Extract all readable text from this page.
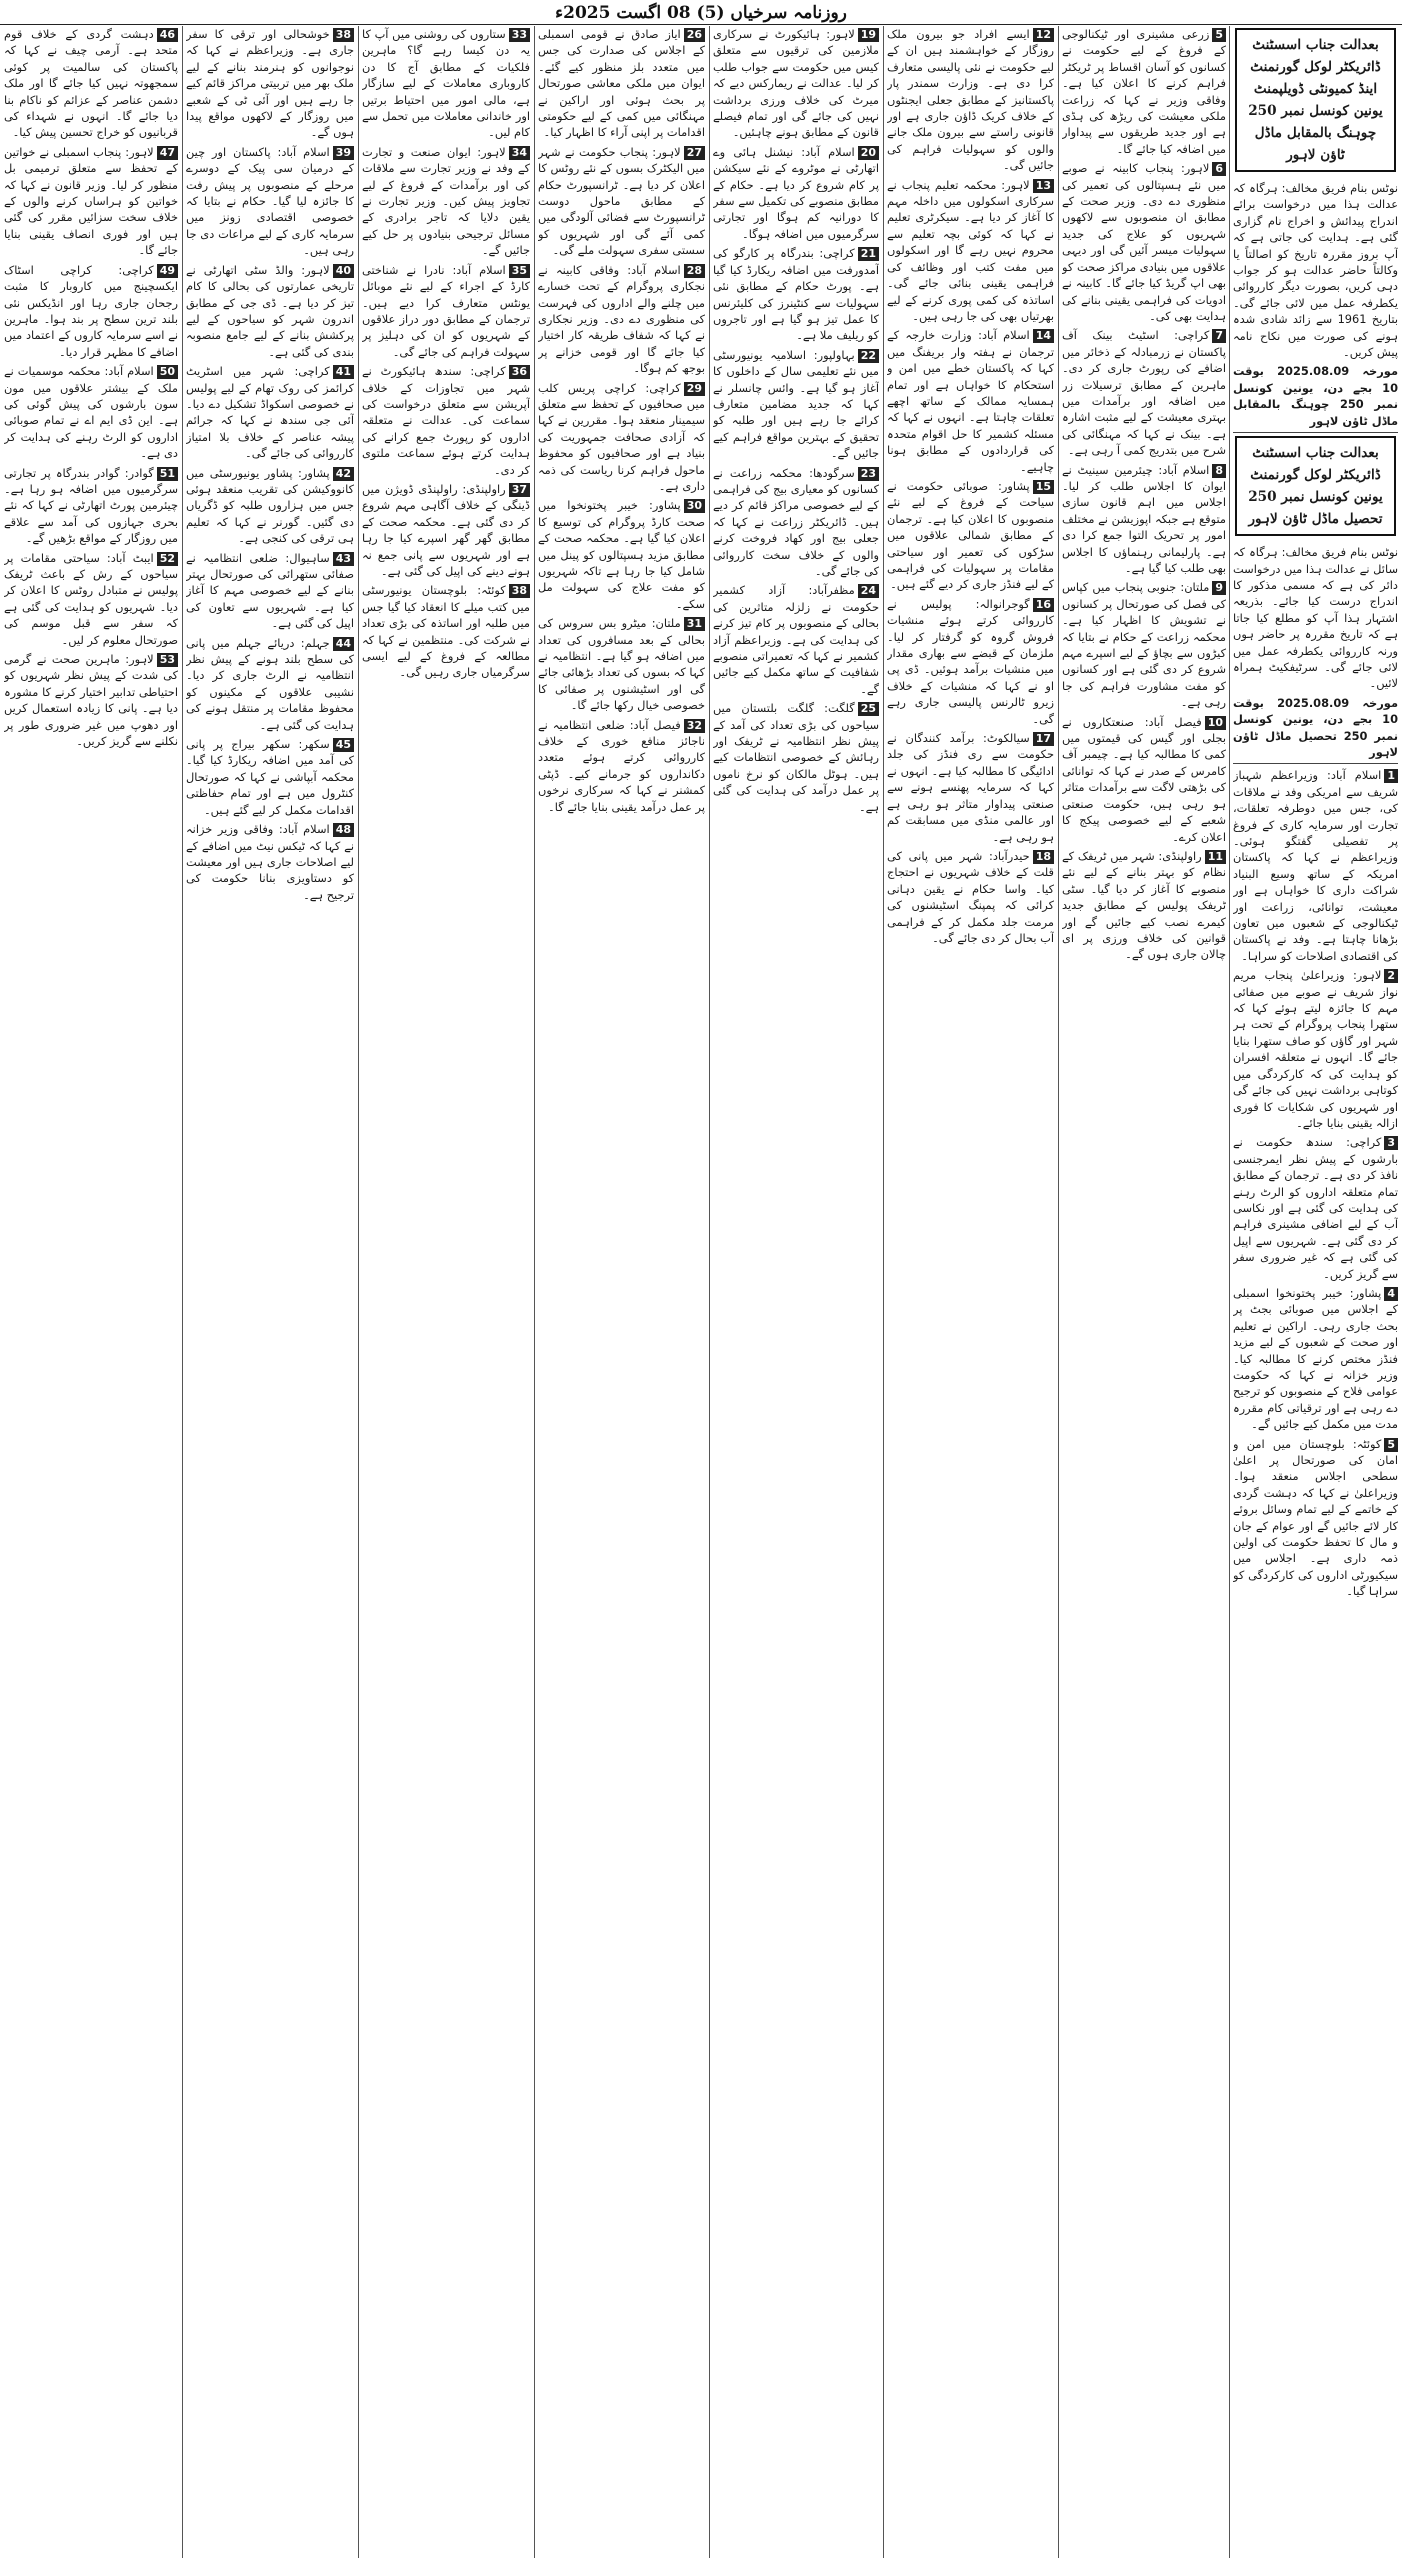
روزنامہ سرخیاں (5) 08 اگست 2025ء
بعدالت جناب اسسٹنٹ ڈائریکٹر لوکل گورنمنٹ اینڈ کمیونٹی ڈویلپمنٹ یونین کونسل نمبر 250 چوہنگ بالمقابل ماڈل ٹاؤن لاہور
نوٹس بنام فریق مخالف: ہرگاہ کہ عدالت ہذا میں درخواست برائے اندراج پیدائش و اخراج نام گزاری گئی ہے۔ ہدایت کی جاتی ہے کہ آپ بروز مقررہ تاریخ کو اصالتاً یا وکالتاً حاضر عدالت ہو کر جواب دہی کریں، بصورت دیگر کارروائی یکطرفہ عمل میں لائی جائے گی۔ بتاریخ 1961 سے زائد شادی شدہ ہونے کی صورت میں نکاح نامہ پیش کریں۔
مورخہ 2025.08.09 بوقت 10 بجے دن، یونین کونسل نمبر 250 چوہنگ بالمقابل ماڈل ٹاؤن لاہور
بعدالت جناب اسسٹنٹ ڈائریکٹر لوکل گورنمنٹ یونین کونسل نمبر 250 تحصیل ماڈل ٹاؤن لاہور
نوٹس بنام فریق مخالف: ہرگاہ کہ سائل نے عدالت ہذا میں درخواست دائر کی ہے کہ مسمی مذکور کا اندراج درست کیا جائے۔ بذریعہ اشتہار ہذا آپ کو مطلع کیا جاتا ہے کہ تاریخ مقررہ پر حاضر ہوں ورنہ کارروائی یکطرفہ عمل میں لائی جائے گی۔ سرٹیفکیٹ ہمراہ لائیں۔
مورخہ 2025.08.09 بوقت 10 بجے دن، یونین کونسل نمبر 250 تحصیل ماڈل ٹاؤن لاہور
1اسلام آباد: وزیراعظم شہباز شریف سے امریکی وفد نے ملاقات کی، جس میں دوطرفہ تعلقات، تجارت اور سرمایہ کاری کے فروغ پر تفصیلی گفتگو ہوئی۔ وزیراعظم نے کہا کہ پاکستان امریکہ کے ساتھ وسیع البنیاد شراکت داری کا خواہاں ہے اور معیشت، توانائی، زراعت اور ٹیکنالوجی کے شعبوں میں تعاون بڑھانا چاہتا ہے۔ وفد نے پاکستان کی اقتصادی اصلاحات کو سراہا۔
2لاہور: وزیراعلیٰ پنجاب مریم نواز شریف نے صوبے میں صفائی مہم کا جائزہ لیتے ہوئے کہا کہ ستھرا پنجاب پروگرام کے تحت ہر شہر اور گاؤں کو صاف ستھرا بنایا جائے گا۔ انہوں نے متعلقہ افسران کو ہدایت کی کہ کارکردگی میں کوتاہی برداشت نہیں کی جائے گی اور شہریوں کی شکایات کا فوری ازالہ یقینی بنایا جائے۔
3کراچی: سندھ حکومت نے بارشوں کے پیش نظر ایمرجنسی نافذ کر دی ہے۔ ترجمان کے مطابق تمام متعلقہ اداروں کو الرٹ رہنے کی ہدایت کی گئی ہے اور نکاسی آب کے لیے اضافی مشینری فراہم کر دی گئی ہے۔ شہریوں سے اپیل کی گئی ہے کہ غیر ضروری سفر سے گریز کریں۔
4پشاور: خیبر پختونخوا اسمبلی کے اجلاس میں صوبائی بجٹ پر بحث جاری رہی۔ اراکین نے تعلیم اور صحت کے شعبوں کے لیے مزید فنڈز مختص کرنے کا مطالبہ کیا۔ وزیر خزانہ نے کہا کہ حکومت عوامی فلاح کے منصوبوں کو ترجیح دے رہی ہے اور ترقیاتی کام مقررہ مدت میں مکمل کیے جائیں گے۔
5کوئٹہ: بلوچستان میں امن و امان کی صورتحال پر اعلیٰ سطحی اجلاس منعقد ہوا۔ وزیراعلیٰ نے کہا کہ دہشت گردی کے خاتمے کے لیے تمام وسائل بروئے کار لائے جائیں گے اور عوام کے جان و مال کا تحفظ حکومت کی اولین ذمہ داری ہے۔ اجلاس میں سیکیورٹی اداروں کی کارکردگی کو سراہا گیا۔
5زرعی مشینری اور ٹیکنالوجی کے فروغ کے لیے حکومت نے کسانوں کو آسان اقساط پر ٹریکٹر فراہم کرنے کا اعلان کیا ہے۔ وفاقی وزیر نے کہا کہ زراعت ملکی معیشت کی ریڑھ کی ہڈی ہے اور جدید طریقوں سے پیداوار میں اضافہ کیا جائے گا۔
6لاہور: پنجاب کابینہ نے صوبے میں نئے ہسپتالوں کی تعمیر کی منظوری دے دی۔ وزیر صحت کے مطابق ان منصوبوں سے لاکھوں شہریوں کو علاج کی جدید سہولیات میسر آئیں گی اور دیہی علاقوں میں بنیادی مراکز صحت کو بھی اپ گریڈ کیا جائے گا۔ کابینہ نے ادویات کی فراہمی یقینی بنانے کی ہدایت بھی کی۔
7کراچی: اسٹیٹ بینک آف پاکستان نے زرمبادلہ کے ذخائر میں اضافے کی رپورٹ جاری کر دی۔ ماہرین کے مطابق ترسیلات زر میں اضافہ اور برآمدات میں بہتری معیشت کے لیے مثبت اشارہ ہے۔ بینک نے کہا کہ مہنگائی کی شرح میں بتدریج کمی آ رہی ہے۔
8اسلام آباد: چیئرمین سینیٹ نے ایوان کا اجلاس طلب کر لیا۔ اجلاس میں اہم قانون سازی متوقع ہے جبکہ اپوزیشن نے مختلف امور پر تحریک التوا جمع کرا دی ہے۔ پارلیمانی رہنماؤں کا اجلاس بھی طلب کیا گیا ہے۔
9ملتان: جنوبی پنجاب میں کپاس کی فصل کی صورتحال پر کسانوں نے تشویش کا اظہار کیا ہے۔ محکمہ زراعت کے حکام نے بتایا کہ کیڑوں سے بچاؤ کے لیے اسپرے مہم شروع کر دی گئی ہے اور کسانوں کو مفت مشاورت فراہم کی جا رہی ہے۔
10فیصل آباد: صنعتکاروں نے بجلی اور گیس کی قیمتوں میں کمی کا مطالبہ کیا ہے۔ چیمبر آف کامرس کے صدر نے کہا کہ توانائی کی بڑھتی لاگت سے برآمدات متاثر ہو رہی ہیں، حکومت صنعتی شعبے کے لیے خصوصی پیکج کا اعلان کرے۔
11راولپنڈی: شہر میں ٹریفک کے نظام کو بہتر بنانے کے لیے نئے منصوبے کا آغاز کر دیا گیا۔ سٹی ٹریفک پولیس کے مطابق جدید کیمرے نصب کیے جائیں گے اور قوانین کی خلاف ورزی پر ای چالان جاری ہوں گے۔
12ایسے افراد جو بیرون ملک روزگار کے خواہشمند ہیں ان کے لیے حکومت نے نئی پالیسی متعارف کرا دی ہے۔ وزارت سمندر پار پاکستانیز کے مطابق جعلی ایجنٹوں کے خلاف کریک ڈاؤن جاری ہے اور قانونی راستے سے بیرون ملک جانے والوں کو سہولیات فراہم کی جائیں گی۔
13لاہور: محکمہ تعلیم پنجاب نے سرکاری اسکولوں میں داخلہ مہم کا آغاز کر دیا ہے۔ سیکرٹری تعلیم نے کہا کہ کوئی بچہ تعلیم سے محروم نہیں رہے گا اور اسکولوں میں مفت کتب اور وظائف کی فراہمی یقینی بنائی جائے گی۔ اساتذہ کی کمی پوری کرنے کے لیے بھرتیاں بھی کی جا رہی ہیں۔
14اسلام آباد: وزارت خارجہ کے ترجمان نے ہفتہ وار بریفنگ میں کہا کہ پاکستان خطے میں امن و استحکام کا خواہاں ہے اور تمام ہمسایہ ممالک کے ساتھ اچھے تعلقات چاہتا ہے۔ انہوں نے کہا کہ مسئلہ کشمیر کا حل اقوام متحدہ کی قراردادوں کے مطابق ہونا چاہیے۔
15پشاور: صوبائی حکومت نے سیاحت کے فروغ کے لیے نئے منصوبوں کا اعلان کیا ہے۔ ترجمان کے مطابق شمالی علاقوں میں سڑکوں کی تعمیر اور سیاحتی مقامات پر سہولیات کی فراہمی کے لیے فنڈز جاری کر دیے گئے ہیں۔
16گوجرانوالہ: پولیس نے کارروائی کرتے ہوئے منشیات فروش گروہ کو گرفتار کر لیا۔ ملزمان کے قبضے سے بھاری مقدار میں منشیات برآمد ہوئیں۔ ڈی پی او نے کہا کہ منشیات کے خلاف زیرو ٹالرنس پالیسی جاری رہے گی۔
17سیالکوٹ: برآمد کنندگان نے حکومت سے ری فنڈز کی جلد ادائیگی کا مطالبہ کیا ہے۔ انہوں نے کہا کہ سرمایہ پھنسے ہونے سے صنعتی پیداوار متاثر ہو رہی ہے اور عالمی منڈی میں مسابقت کم ہو رہی ہے۔
18حیدرآباد: شہر میں پانی کی قلت کے خلاف شہریوں نے احتجاج کیا۔ واسا حکام نے یقین دہانی کرائی کہ پمپنگ اسٹیشنوں کی مرمت جلد مکمل کر کے فراہمی آب بحال کر دی جائے گی۔
19لاہور: ہائیکورٹ نے سرکاری ملازمین کی ترقیوں سے متعلق کیس میں حکومت سے جواب طلب کر لیا۔ عدالت نے ریمارکس دیے کہ میرٹ کی خلاف ورزی برداشت نہیں کی جائے گی اور تمام فیصلے قانون کے مطابق ہونے چاہئیں۔
20اسلام آباد: نیشنل ہائی وے اتھارٹی نے موٹروے کے نئے سیکشن پر کام شروع کر دیا ہے۔ حکام کے مطابق منصوبے کی تکمیل سے سفر کا دورانیہ کم ہوگا اور تجارتی سرگرمیوں میں اضافہ ہوگا۔
21کراچی: بندرگاہ پر کارگو کی آمدورفت میں اضافہ ریکارڈ کیا گیا ہے۔ پورٹ حکام کے مطابق نئی سہولیات سے کنٹینرز کی کلیئرنس کا عمل تیز ہو گیا ہے اور تاجروں کو ریلیف ملا ہے۔
22بہاولپور: اسلامیہ یونیورسٹی میں نئے تعلیمی سال کے داخلوں کا آغاز ہو گیا ہے۔ وائس چانسلر نے کہا کہ جدید مضامین متعارف کرائے جا رہے ہیں اور طلبہ کو تحقیق کے بہترین مواقع فراہم کیے جائیں گے۔
23سرگودھا: محکمہ زراعت نے کسانوں کو معیاری بیج کی فراہمی کے لیے خصوصی مراکز قائم کر دیے ہیں۔ ڈائریکٹر زراعت نے کہا کہ جعلی بیج اور کھاد فروخت کرنے والوں کے خلاف سخت کارروائی کی جائے گی۔
24مظفرآباد: آزاد کشمیر حکومت نے زلزلہ متاثرین کی بحالی کے منصوبوں پر کام تیز کرنے کی ہدایت کی ہے۔ وزیراعظم آزاد کشمیر نے کہا کہ تعمیراتی منصوبے شفافیت کے ساتھ مکمل کیے جائیں گے۔
25گلگت: گلگت بلتستان میں سیاحوں کی بڑی تعداد کی آمد کے پیش نظر انتظامیہ نے ٹریفک اور رہائش کے خصوصی انتظامات کیے ہیں۔ ہوٹل مالکان کو نرخ ناموں پر عمل درآمد کی ہدایت کی گئی ہے۔
26ایاز صادق نے قومی اسمبلی کے اجلاس کی صدارت کی جس میں متعدد بلز منظور کیے گئے۔ ایوان میں ملکی معاشی صورتحال پر بحث ہوئی اور اراکین نے مہنگائی میں کمی کے لیے حکومتی اقدامات پر اپنی آراء کا اظہار کیا۔
27لاہور: پنجاب حکومت نے شہر میں الیکٹرک بسوں کے نئے روٹس کا اعلان کر دیا ہے۔ ٹرانسپورٹ حکام کے مطابق ماحول دوست ٹرانسپورٹ سے فضائی آلودگی میں کمی آئے گی اور شہریوں کو سستی سفری سہولت ملے گی۔
28اسلام آباد: وفاقی کابینہ نے نجکاری پروگرام کے تحت خسارے میں چلنے والے اداروں کی فہرست کی منظوری دے دی۔ وزیر نجکاری نے کہا کہ شفاف طریقہ کار اختیار کیا جائے گا اور قومی خزانے پر بوجھ کم ہوگا۔
29کراچی: کراچی پریس کلب میں صحافیوں کے تحفظ سے متعلق سیمینار منعقد ہوا۔ مقررین نے کہا کہ آزادی صحافت جمہوریت کی بنیاد ہے اور صحافیوں کو محفوظ ماحول فراہم کرنا ریاست کی ذمہ داری ہے۔
30پشاور: خیبر پختونخوا میں صحت کارڈ پروگرام کی توسیع کا اعلان کیا گیا ہے۔ محکمہ صحت کے مطابق مزید ہسپتالوں کو پینل میں شامل کیا جا رہا ہے تاکہ شہریوں کو مفت علاج کی سہولت مل سکے۔
31ملتان: میٹرو بس سروس کی بحالی کے بعد مسافروں کی تعداد میں اضافہ ہو گیا ہے۔ انتظامیہ نے کہا کہ بسوں کی تعداد بڑھائی جائے گی اور اسٹیشنوں پر صفائی کا خصوصی خیال رکھا جائے گا۔
32فیصل آباد: ضلعی انتظامیہ نے ناجائز منافع خوری کے خلاف کارروائی کرتے ہوئے متعدد دکانداروں کو جرمانے کیے۔ ڈپٹی کمشنر نے کہا کہ سرکاری نرخوں پر عمل درآمد یقینی بنایا جائے گا۔
33ستاروں کی روشنی میں آپ کا یہ دن کیسا رہے گا؟ ماہرین فلکیات کے مطابق آج کا دن کاروباری معاملات کے لیے سازگار ہے، مالی امور میں احتیاط برتیں اور خاندانی معاملات میں تحمل سے کام لیں۔
34لاہور: ایوان صنعت و تجارت کے وفد نے وزیر تجارت سے ملاقات کی اور برآمدات کے فروغ کے لیے تجاویز پیش کیں۔ وزیر تجارت نے یقین دلایا کہ تاجر برادری کے مسائل ترجیحی بنیادوں پر حل کیے جائیں گے۔
35اسلام آباد: نادرا نے شناختی کارڈ کے اجراء کے لیے نئے موبائل یونٹس متعارف کرا دیے ہیں۔ ترجمان کے مطابق دور دراز علاقوں کے شہریوں کو ان کی دہلیز پر سہولت فراہم کی جائے گی۔
36کراچی: سندھ ہائیکورٹ نے شہر میں تجاوزات کے خلاف آپریشن سے متعلق درخواست کی سماعت کی۔ عدالت نے متعلقہ اداروں کو رپورٹ جمع کرانے کی ہدایت کرتے ہوئے سماعت ملتوی کر دی۔
37راولپنڈی: راولپنڈی ڈویژن میں ڈینگی کے خلاف آگاہی مہم شروع کر دی گئی ہے۔ محکمہ صحت کے مطابق گھر گھر اسپرے کیا جا رہا ہے اور شہریوں سے پانی جمع نہ ہونے دینے کی اپیل کی گئی ہے۔
38کوئٹہ: بلوچستان یونیورسٹی میں کتب میلے کا انعقاد کیا گیا جس میں طلبہ اور اساتذہ کی بڑی تعداد نے شرکت کی۔ منتظمین نے کہا کہ مطالعہ کے فروغ کے لیے ایسی سرگرمیاں جاری رہیں گی۔
38خوشحالی اور ترقی کا سفر جاری ہے۔ وزیراعظم نے کہا کہ نوجوانوں کو ہنرمند بنانے کے لیے ملک بھر میں تربیتی مراکز قائم کیے جا رہے ہیں اور آئی ٹی کے شعبے میں روزگار کے لاکھوں مواقع پیدا ہوں گے۔
39اسلام آباد: پاکستان اور چین کے درمیان سی پیک کے دوسرے مرحلے کے منصوبوں پر پیش رفت کا جائزہ لیا گیا۔ حکام نے بتایا کہ خصوصی اقتصادی زونز میں سرمایہ کاری کے لیے مراعات دی جا رہی ہیں۔
40لاہور: والڈ سٹی اتھارٹی نے تاریخی عمارتوں کی بحالی کا کام تیز کر دیا ہے۔ ڈی جی کے مطابق اندرون شہر کو سیاحوں کے لیے پرکشش بنانے کے لیے جامع منصوبہ بندی کی گئی ہے۔
41کراچی: شہر میں اسٹریٹ کرائمز کی روک تھام کے لیے پولیس نے خصوصی اسکواڈ تشکیل دے دیا۔ آئی جی سندھ نے کہا کہ جرائم پیشہ عناصر کے خلاف بلا امتیاز کارروائی کی جائے گی۔
42پشاور: پشاور یونیورسٹی میں کانووکیشن کی تقریب منعقد ہوئی جس میں ہزاروں طلبہ کو ڈگریاں دی گئیں۔ گورنر نے کہا کہ تعلیم ہی ترقی کی کنجی ہے۔
43ساہیوال: ضلعی انتظامیہ نے صفائی ستھرائی کی صورتحال بہتر بنانے کے لیے خصوصی مہم کا آغاز کیا ہے۔ شہریوں سے تعاون کی اپیل کی گئی ہے۔
44جہلم: دریائے جہلم میں پانی کی سطح بلند ہونے کے پیش نظر انتظامیہ نے الرٹ جاری کر دیا۔ نشیبی علاقوں کے مکینوں کو محفوظ مقامات پر منتقل ہونے کی ہدایت کی گئی ہے۔
45سکھر: سکھر بیراج پر پانی کی آمد میں اضافہ ریکارڈ کیا گیا۔ محکمہ آبپاشی نے کہا کہ صورتحال کنٹرول میں ہے اور تمام حفاظتی اقدامات مکمل کر لیے گئے ہیں۔
48اسلام آباد: وفاقی وزیر خزانہ نے کہا کہ ٹیکس نیٹ میں اضافے کے لیے اصلاحات جاری ہیں اور معیشت کو دستاویزی بنانا حکومت کی ترجیح ہے۔
46دہشت گردی کے خلاف قوم متحد ہے۔ آرمی چیف نے کہا کہ پاکستان کی سالمیت پر کوئی سمجھوتہ نہیں کیا جائے گا اور ملک دشمن عناصر کے عزائم کو ناکام بنا دیا جائے گا۔ انہوں نے شہداء کی قربانیوں کو خراج تحسین پیش کیا۔
47لاہور: پنجاب اسمبلی نے خواتین کے تحفظ سے متعلق ترمیمی بل منظور کر لیا۔ وزیر قانون نے کہا کہ خواتین کو ہراساں کرنے والوں کے خلاف سخت سزائیں مقرر کی گئی ہیں اور فوری انصاف یقینی بنایا جائے گا۔
49کراچی: کراچی اسٹاک ایکسچینج میں کاروبار کا مثبت رجحان جاری رہا اور انڈیکس نئی بلند ترین سطح پر بند ہوا۔ ماہرین نے اسے سرمایہ کاروں کے اعتماد میں اضافے کا مظہر قرار دیا۔
50اسلام آباد: محکمہ موسمیات نے ملک کے بیشتر علاقوں میں مون سون بارشوں کی پیش گوئی کی ہے۔ این ڈی ایم اے نے تمام صوبائی اداروں کو الرٹ رہنے کی ہدایت کر دی ہے۔
51گوادر: گوادر بندرگاہ پر تجارتی سرگرمیوں میں اضافہ ہو رہا ہے۔ چیئرمین پورٹ اتھارٹی نے کہا کہ نئے بحری جہازوں کی آمد سے علاقے میں روزگار کے مواقع بڑھیں گے۔
52ایبٹ آباد: سیاحتی مقامات پر سیاحوں کے رش کے باعث ٹریفک پولیس نے متبادل روٹس کا اعلان کر دیا۔ شہریوں کو ہدایت کی گئی ہے کہ سفر سے قبل موسم کی صورتحال معلوم کر لیں۔
53لاہور: ماہرین صحت نے گرمی کی شدت کے پیش نظر شہریوں کو احتیاطی تدابیر اختیار کرنے کا مشورہ دیا ہے۔ پانی کا زیادہ استعمال کریں اور دھوپ میں غیر ضروری طور پر نکلنے سے گریز کریں۔
